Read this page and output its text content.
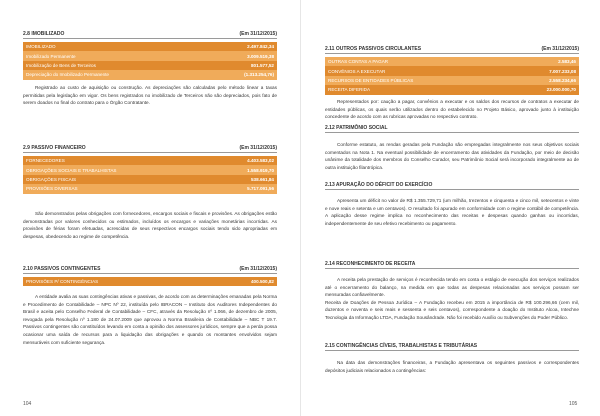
2.8 IMOBILIZADO	(Em 31/12/2015)
IMOBILIZADO	2.497.842,34
Imobilizado Permanente	3.009.519,38
Imobilização de Bens de Terceiros	801.577,52
Depreciação do Imobilizado Permanente	(1.313.254,76)

Registrado ao custo de aquisição ou construção. As depreciações são calculadas pelo método linear a taxas permitidas pela legislação em vigor. Os bens registrados no imobilizado de Terceiros não são depreciados, pois fato de serem doados no final do contrato para o Órgão Contratante.

2.9 PASSIVO FINANCEIRO	(Em 31/12/2015)
FORNECEDORES	4.403.583,02
OBRIGAÇÕES SOCIAIS E TRABALHISTAS	1.558.919,70
OBRIGAÇÕES FISCAIS	538.661,84
PROVISÕES DIVERSAS	5.717.091,56

São demonstrados pelas obrigações com fornecedores, encargos sociais e fiscais e provisões. As obrigações estão demonstradas por valores conhecidos ou estimados, incluídos os encargos e variações monetárias incorridas. As provisões de férias foram efetuadas, acrescidas de seus respectivos encargos sociais tendo sido apropriadas em despesas, obedecendo ao regime de competência.

2.10 PASSIVOS CONTINGENTES	(Em 31/12/2015)
PROVISÕES P/ CONTINGÊNCIAS	400.500,82

A entidade avalia as suas contingências ativas e passivas, de acordo com as determinações emanadas pela Norma e Procedimento de Contabilidade – NPC Nº 22, instituída pelo IBRACON – Instituto dos Auditores Independentes do Brasil e aceita pelo Conselho Federal de Contabilidade – CFC, através da Resolução nº 1.066, de dezembro de 2005, revogada pela Resolução nº 1.180 de 24.07.2009 que aprovou a Norma Brasileira de Contabilidade – NBC T 19.7. Passivos contingentes são constituídos levando em conta a opinião dos assessores jurídicos, sempre que a perda possa ocasionar uma saída de recursos para a liquidação das obrigações e quando os montantes envolvidos sejam mensuráveis com suficiente segurança.

104
2.11 OUTROS PASSIVOS CIRCULANTES	(Em 31/12/2015)
OUTRAS CONTAS A PAGAR	2.583,46
CONVÊNIOS A EXECUTAR	7.007.233,08
RECURSOS DE ENTIDADES PÚBLICAS	2.558.234,66
RECEITA DIFERIDA	23.000.000,70

Representados por: caução a pagar, convênios a executar e os saldos dos recursos de contratos a executar de entidades públicas, os quais serão utilizados dentro do estabelecido no Projeto Básico, aprovado junto à instituição concedente de acordo com as rubricas aprovadas no respectivo contrato.

2.12 PATRIMÔNIO SOCIAL

Conforme estatuto, as rendas geradas pela Fundação são empregadas integralmente nos seus objetivos sociais comentados na Nota 1. Na eventual possibilidade de encerramento das atividades da Fundação, por meio de decisão unânime da totalidade dos membros do Conselho Curador, seu Patrimônio Social será incorporado integralmente ao de outra instituição filantrópica.

2.13 APURAÇÃO DO DÉFICIT DO EXERCÍCIO

Apresenta um déficit no valor de R$ 1.355.729,71 (um milhão, trezentos e cinquenta e cinco mil, setecentos e vinte e nove reais e setenta e um centavos). O resultado foi apurado em conformidade com o regime contábil de competência. A aplicação desse regime implica no reconhecimento das receitas e despesas quando ganhas ou incorridas, independentemente de seu efetivo recebimento ou pagamento.

2.14 RECONHECIMENTO DE RECEITA

A receita pela prestação de serviços é reconhecida tendo em conta o estágio de execução dos serviços realizados até o encerramento do balanço, na medida em que todas as despesas relacionadas aos serviços possam ser mensuradas confiavelmente.

Receita de Doações de Pessoa Jurídica – A Fundação recebeu em 2015 a importância de R$ 100.296,66 (cem mil, duzentos e noventa e seis reais e sessenta e seis centavos), correspondente a doação do Instituto Alcoa, Intechne Tecnologia da Informação LTDA, Fundação Sousândrade. Não foi recebido Auxílio ou Subvenções do Poder Público.

2.15 CONTINGÊNCIAS CÍVEIS, TRABALHISTAS E TRIBUTÁRIAS

Na data das demonstrações financeiras, a Fundação apresentava os seguintes passivos e correspondentes depósitos judiciais relacionados a contingências:

105
